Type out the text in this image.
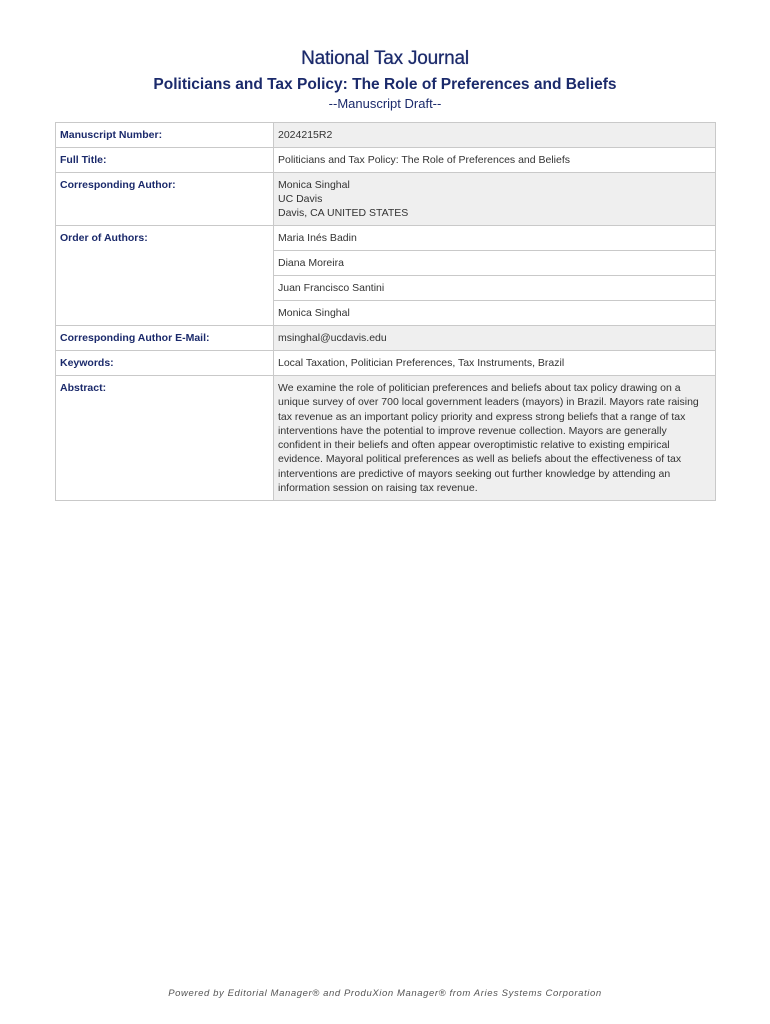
National Tax Journal
Politicians and Tax Policy: The Role of Preferences and Beliefs
--Manuscript Draft--
Manuscript Number:	2024215R2
Full Title:	Politicians and Tax Policy: The Role of Preferences and Beliefs
Corresponding Author:	Monica Singhal
UC Davis
Davis, CA UNITED STATES

Order of Authors:	Maria Inés Badin
	Diana Moreira
	Juan Francisco Santini
	Monica Singhal
Corresponding Author E-Mail:	msinghal@ucdavis.edu
Keywords:	Local Taxation, Politician Preferences, Tax Instruments, Brazil
Abstract:	We examine the role of politician preferences and beliefs about tax policy drawing on a unique survey of over 700 local government leaders (mayors) in Brazil. Mayors rate raising tax revenue as an important policy priority and express strong beliefs that a range of tax interventions have the potential to improve revenue collection. Mayors are generally confident in their beliefs and often appear overoptimistic relative to existing empirical evidence. Mayoral political preferences as well as beliefs about the effectiveness of tax interventions are predictive of mayors seeking out further knowledge by attending an information session on raising tax revenue.
Powered by Editorial Manager® and ProduXion Manager® from Aries Systems Corporation
